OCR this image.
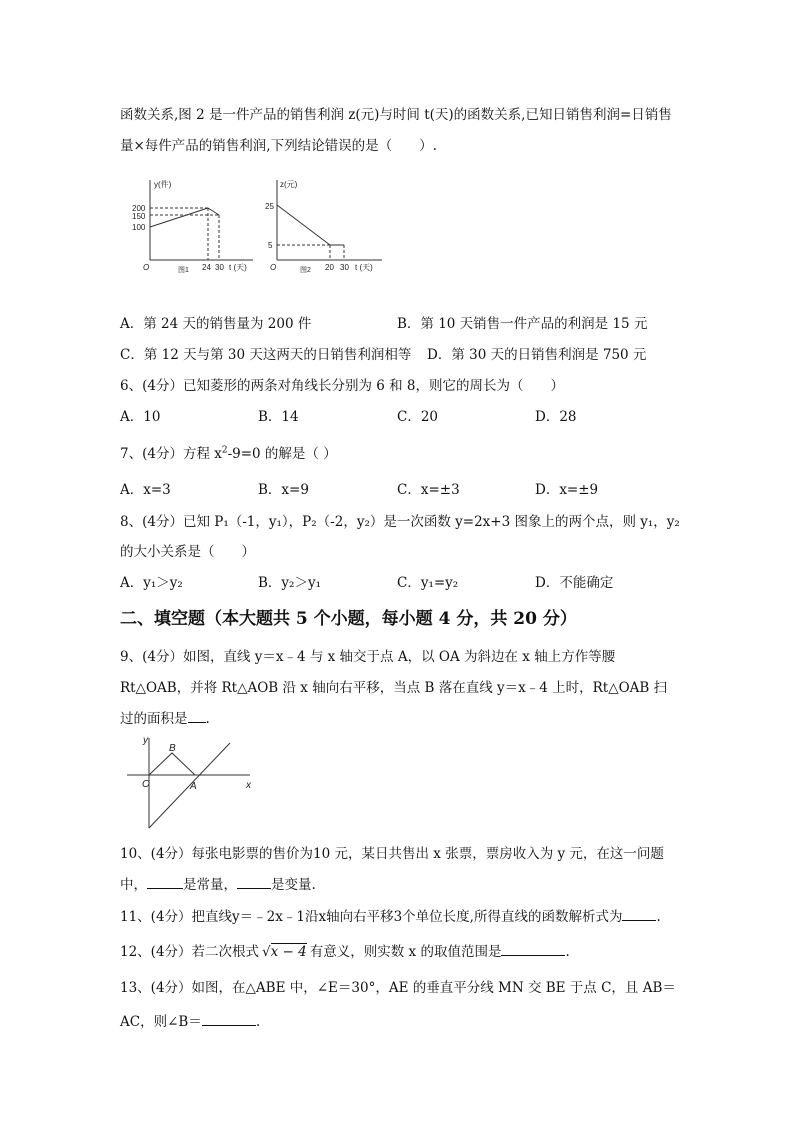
函数关系,图 2 是一件产品的销售利润 z(元)与时间 t(天)的函数关系,已知日销售利润=日销售
量×每件产品的销售利润,下列结论错误的是（　　）.
y(件)
200
150
100
O	24 30 t (天)
图1
z(元)
25
5
O	20 30 t (天)
图2
A．第 24 天的销售量为 200 件	B．第 10 天销售一件产品的利润是 15 元
C．第 12 天与第 30 天这两天的日销售利润相等 D．第 30 天的日销售利润是 750 元
6、(4分）已知菱形的两条对角线长分别为 6 和 8，则它的周长为（　　）
A．10	B．14	C．20	D．28
7、(4分）方程 $x^2-9=0$ 的解是（ ）
A．x=3	B．x=9	C．x=±3	D．x=±9
8、(4分）已知 P₁（-1，y₁），P₂（-2，y₂）是一次函数 y=2x+3 图象上的两个点，则 y₁，y₂
的大小关系是（　　）
A．y₁＞y₂	B．y₂＞y₁	C．y₁=y₂	D．不能确定
二、填空题（本大题共 5 个小题，每小题 4 分，共 20 分）
9、(4分）如图，直线 y＝x﹣4 与 x 轴交于点 A，以 OA 为斜边在 x 轴上方作等腰
Rt△OAB，并将 Rt△AOB 沿 x 轴向右平移，当点 B 落在直线 y＝x﹣4 上时，Rt△OAB 扫
过的面积是 .
y
x
O	A
B
10、(4分）每张电影票的售价为10 元，某日共售出 x 张票，票房收入为 y 元，在这一问题
中，	是常量，	是变量.
11、(4分）把直线y＝﹣2x﹣1沿x轴向右平移3个单位长度,所得直线的函数解析式为	.
12、(4分）若二次根式 √x − 4 有意义，则实数 x 的取值范围是	.
13、(4分）如图，在△ABE 中，∠E＝30°，AE 的垂直平分线 MN 交 BE 于点 C，且 AB＝
AC，则∠B＝	.
